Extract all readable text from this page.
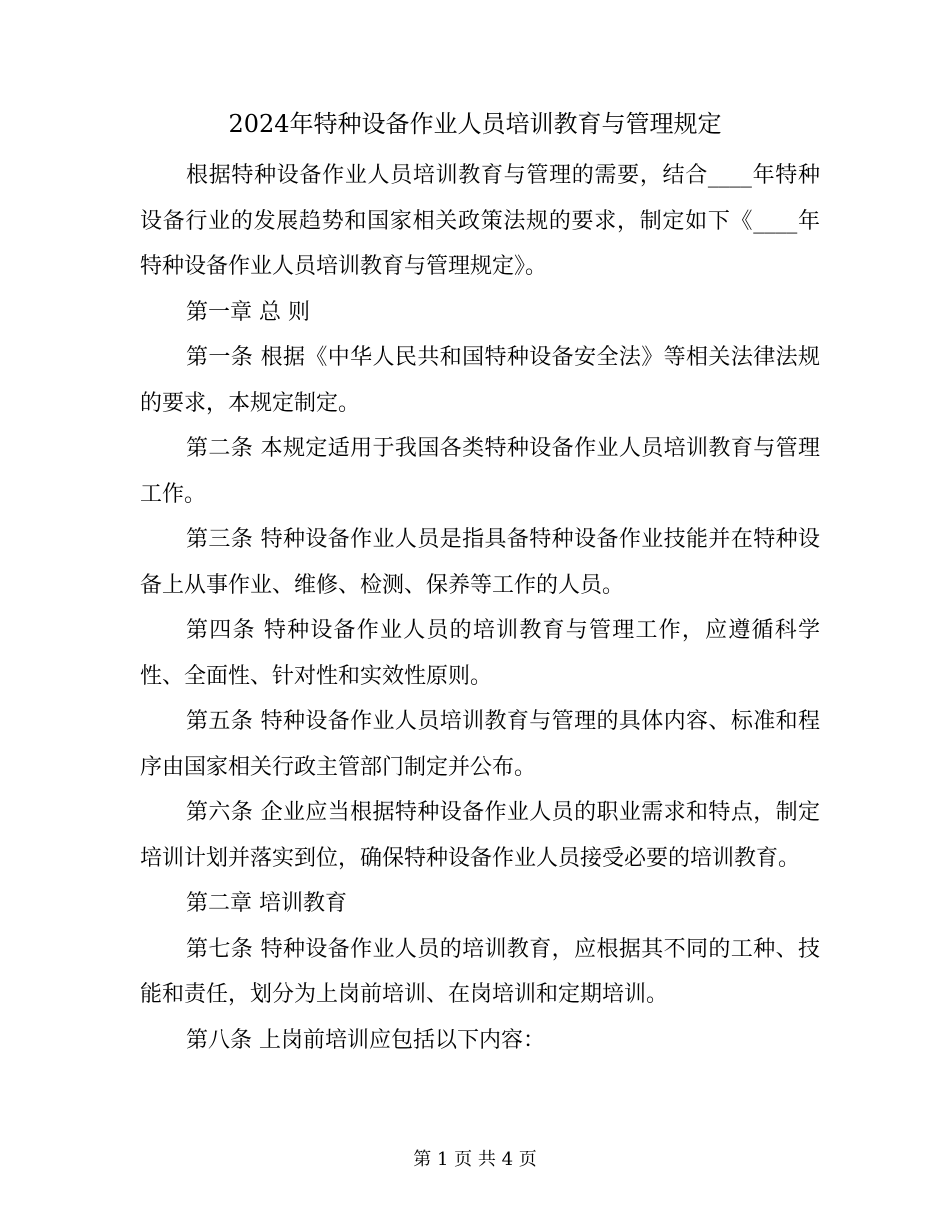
2024年特种设备作业人员培训教育与管理规定

根据特种设备作业人员培训教育与管理的需要，结合____年特种设备行业的发展趋势和国家相关政策法规的要求，制定如下《____年特种设备作业人员培训教育与管理规定》。

第一章 总 则

第一条 根据《中华人民共和国特种设备安全法》等相关法律法规的要求，本规定制定。

第二条 本规定适用于我国各类特种设备作业人员培训教育与管理工作。

第三条 特种设备作业人员是指具备特种设备作业技能并在特种设备上从事作业、维修、检测、保养等工作的人员。

第四条 特种设备作业人员的培训教育与管理工作，应遵循科学性、全面性、针对性和实效性原则。

第五条 特种设备作业人员培训教育与管理的具体内容、标准和程序由国家相关行政主管部门制定并公布。

第六条 企业应当根据特种设备作业人员的职业需求和特点，制定培训计划并落实到位，确保特种设备作业人员接受必要的培训教育。

第二章 培训教育

第七条 特种设备作业人员的培训教育，应根据其不同的工种、技能和责任，划分为上岗前培训、在岗培训和定期培训。

第八条 上岗前培训应包括以下内容：

第 1 页 共 4 页
